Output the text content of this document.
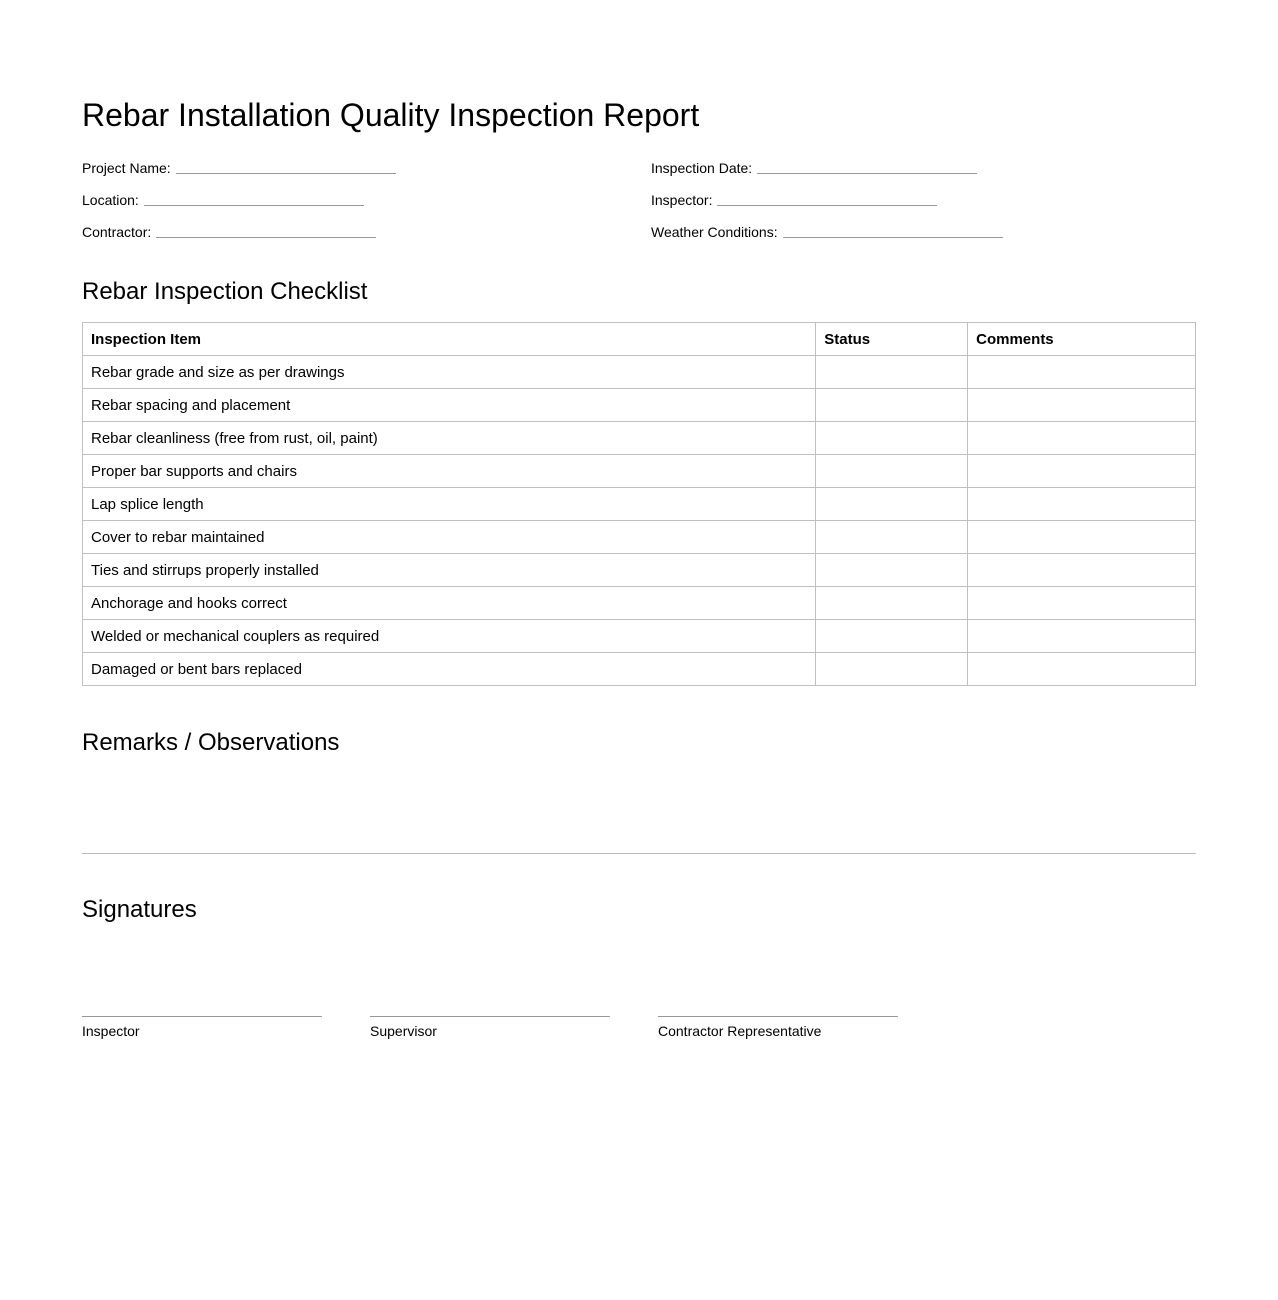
Rebar Installation Quality Inspection Report
Project Name:	Inspection Date:
Location:	Inspector:
Contractor:	Weather Conditions:
Rebar Inspection Checklist
Inspection Item	Status	Comments
Rebar grade and size as per drawings		
Rebar spacing and placement		
Rebar cleanliness (free from rust, oil, paint)		
Proper bar supports and chairs		
Lap splice length		
Cover to rebar maintained		
Ties and stirrups properly installed		
Anchorage and hooks correct		
Welded or mechanical couplers as required		
Damaged or bent bars replaced		
Remarks / Observations
Signatures
Inspector	Supervisor	Contractor Representative
